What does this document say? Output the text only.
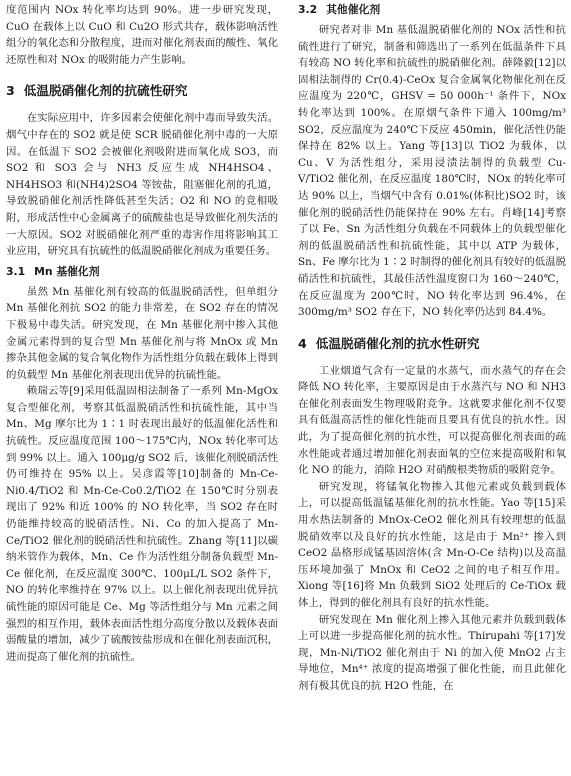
度范围内 NOx 转化率均达到 90%。进一步研究发现，CuO 在载体上以 CuO 和 Cu2O 形式共存，载体影响活性组分的氧化态和分散程度，进而对催化剂表面的酸性、氧化还原性和对 NOx 的吸附能力产生影响。

3 低温脱硝催化剂的抗硫性研究

在实际应用中，许多因素会使催化剂中毒而导致失活。烟气中存在的 SO2 就是使 SCR 脱硝催化剂中毒的一大原因。在低温下 SO2 会被催化剂吸附进而氧化成 SO3，而 SO2 和 SO3 会与 NH3 反应生成 NH4HSO4、NH4HSO3 和(NH4)2SO4 等铵盐，阻塞催化剂的孔道，导致脱硝催化剂活性降低甚至失活；O2 和 NO 的竞相吸附，形成活性中心金属离子的硫酸盐也是导致催化剂失活的一大原因。SO2 对脱硝催化剂严重的毒害作用将影响其工业应用，研究具有抗硫性的低温脱硝催化剂成为重要任务。

3.1 Mn 基催化剂

虽然 Mn 基催化剂有较高的低温脱硝活性，但单组分 Mn 基催化剂抗 SO2 的能力非常差，在 SO2 存在的情况下极易中毒失活。研究发现，在 Mn 基催化剂中掺入其他金属元素得到的复合型 Mn 基催化剂与将 MnOx 或 Mn 掺杂其他金属的复合氧化物作为活性组分负载在载体上得到的负载型 Mn 基催化剂表现出优异的抗硫性能。

赖瑞云等[9]采用低温固相法制备了一系列 Mn-MgOx 复合型催化剂，考察其低温脱硝活性和抗硫性能，其中当 Mn、Mg 摩尔比为 1∶1 时表现出最好的低温催化活性和抗硫性。反应温度范围 100～175℃内，NOx 转化率可达到 99% 以上。通入 100μg/g SO2 后，该催化剂脱硝活性仍可维持在 95% 以上。吴彦霞等[10]制备的 Mn-Ce-Ni0.4/TiO2 和 Mn-Ce-Co0.2/TiO2 在 150℃时分别表现出了 92% 和近 100% 的 NO 转化率，当 SO2 存在时仍能维持较高的脱硝活性。Ni、Co 的加入提高了 Mn-Ce/TiO2 催化剂的脱硝活性和抗硫性。Zhang 等[11]以碳纳米管作为载体，Mn、Ce 作为活性组分制备负载型 Mn-Ce 催化剂，在反应温度 300℃、100μL/L SO2 条件下，NO 的转化率维持在 97% 以上。以上催化剂表现出优异抗硫性能的原因可能是 Ce、Mg 等活性组分与 Mn 元素之间强烈的相互作用，载体表面活性组分高度分散以及载体表面弱酸量的增加，减少了硫酸铵盐形成和在催化剂表面沉积，进而提高了催化剂的抗硫性。

3.2 其他催化剂

研究者对非 Mn 基低温脱硝催化剂的 NOx 活性和抗硫性进行了研究，制备和筛选出了一系列在低温条件下具有较高 NO 转化率和抗硫性的脱硝催化剂。薛隆毅[12]以固相法制得的 Cr(0.4)-CeOx 复合金属氧化物催化剂在反应温度为 220℃，GHSV = 50 000h⁻¹ 条件下，NOx 转化率达到 100%。在原烟气条件下通入 100mg/m³ SO2，反应温度为 240℃下反应 450min，催化活性仍能保持在 82% 以上。Yang 等[13]以 TiO2 为载体，以 Cu、V 为活性组分，采用浸渍法制得的负载型 Cu-V/TiO2 催化剂，在反应温度 180℃时，NOx 的转化率可达 90% 以上，当烟气中含有 0.01%(体积比)SO2 时，该催化剂的脱硝活性仍能保持在 90% 左右。肖峰[14]考察了以 Fe、Sn 为活性组分负载在不同载体上的负载型催化剂的低温脱硝活性和抗硫性能，其中以 ATP 为载体，Sn、Fe 摩尔比为 1∶2 时制得的催化剂具有较好的低温脱硝活性和抗硫性，其最佳活性温度窗口为 160～240℃，在反应温度为 200℃时，NO 转化率达到 96.4%，在 300mg/m³ SO2 存在下，NO 转化率仍达到 84.4%。

4 低温脱硝催化剂的抗水性研究

工业烟道气含有一定量的水蒸气，而水蒸气的存在会降低 NO 转化率，主要原因是由于水蒸汽与 NO 和 NH3 在催化剂表面发生物理吸附竞争。这就要求催化剂不仅要具有低温高活性的催化性能而且要具有优良的抗水性。因此，为了提高催化剂的抗水性，可以提高催化剂表面的疏水性能或者通过增加催化剂表面氧的空位来提高吸附和氧化 NO 的能力，消除 H2O 对硝酸根类物质的吸附竞争。

研究发现，将锰氧化物掺入其他元素或负载到载体上，可以提高低温锰基催化剂的抗水性能。Yao 等[15]采用水热法制备的 MnOx-CeO2 催化剂具有较理想的低温脱硝效率以及良好的抗水性能，这是由于 Mn²⁺ 掺入到 CeO2 晶格形成锰基固溶体(含 Mn-O-Ce 结构)以及高温压环境加强了 MnOx 和 CeO2 之间的电子相互作用。Xiong 等[16]将 Mn 负载到 SiO2 处理后的 Ce-TiOx 载体上，得到的催化剂具有良好的抗水性能。

研究发现在 Mn 催化剂上掺入其他元素并负载到载体上可以进一步提高催化剂的抗水性。Thirupahi 等[17]发现，Mn-Ni/TiO2 催化剂由于 Ni 的加入使 MnO2 占主导地位，Mn⁴⁺ 浓度的提高增强了催化性能，而且此催化剂有极其优良的抗 H2O 性能，在
